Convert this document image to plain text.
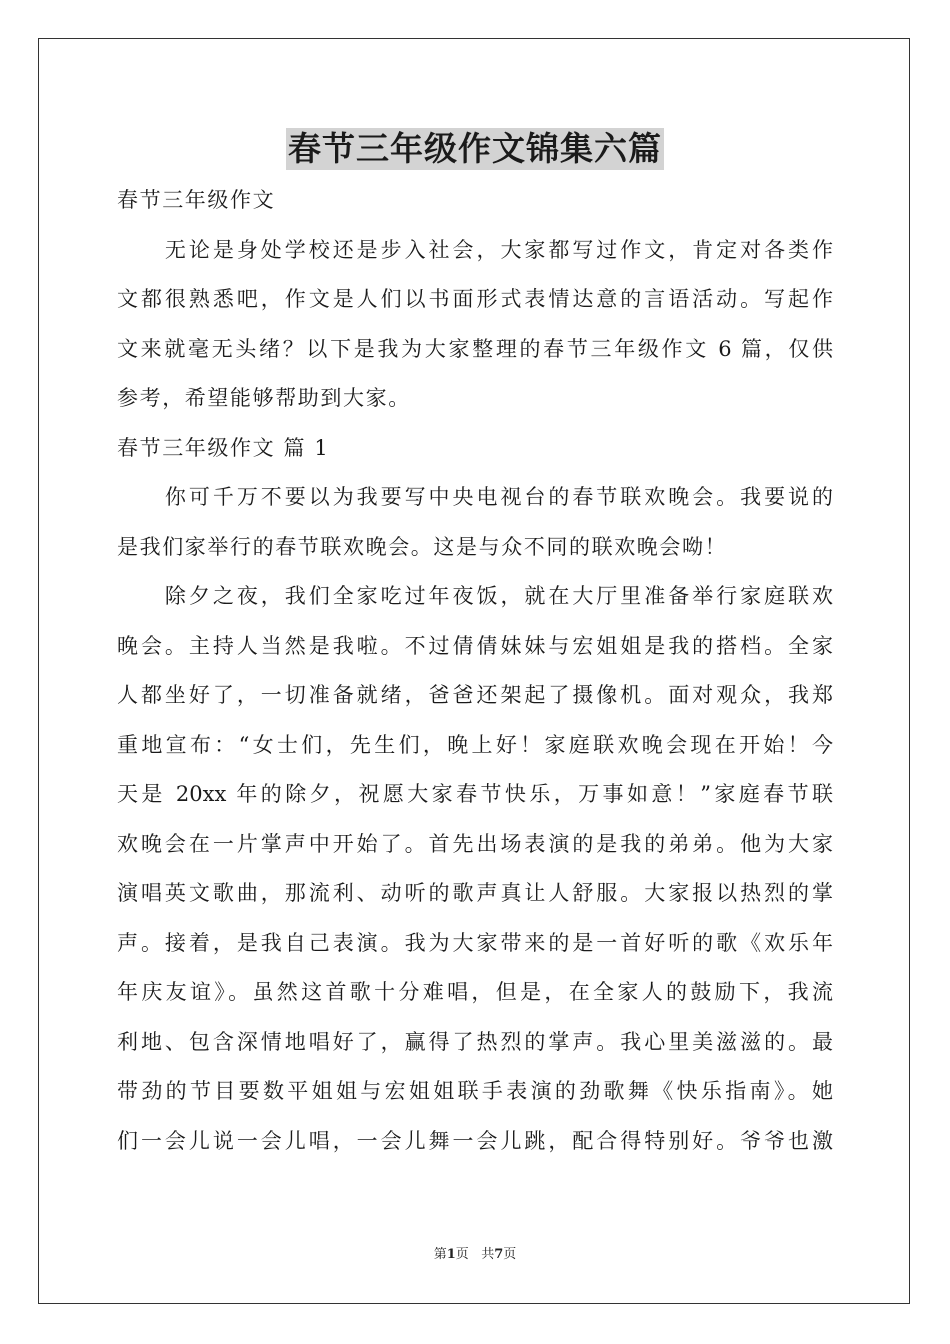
春节三年级作文锦集六篇
春节三年级作文
　　无论是身处学校还是步入社会，大家都写过作文，肯定对各类作
文都很熟悉吧，作文是人们以书面形式表情达意的言语活动。写起作
文来就毫无头绪？以下是我为大家整理的春节三年级作文 6 篇，仅供
参考，希望能够帮助到大家。
春节三年级作文 篇 1
　　你可千万不要以为我要写中央电视台的春节联欢晚会。我要说的
是我们家举行的春节联欢晚会。这是与众不同的联欢晚会呦！
　　除夕之夜，我们全家吃过年夜饭，就在大厅里准备举行家庭联欢
晚会。主持人当然是我啦。不过倩倩妹妹与宏姐姐是我的搭档。全家
人都坐好了，一切准备就绪，爸爸还架起了摄像机。面对观众，我郑
重地宣布：“女士们，先生们，晚上好！家庭联欢晚会现在开始！今
天是 20xx 年的除夕，祝愿大家春节快乐，万事如意！”家庭春节联
欢晚会在一片掌声中开始了。首先出场表演的是我的弟弟。他为大家
演唱英文歌曲，那流利、动听的歌声真让人舒服。大家报以热烈的掌
声。接着，是我自己表演。我为大家带来的是一首好听的歌《欢乐年
年庆友谊》。虽然这首歌十分难唱，但是，在全家人的鼓励下，我流
利地、包含深情地唱好了，赢得了热烈的掌声。我心里美滋滋的。最
带劲的节目要数平姐姐与宏姐姐联手表演的劲歌舞《快乐指南》。她
们一会儿说一会儿唱，一会儿舞一会儿跳，配合得特别好。爷爷也激
第1页 共7页
